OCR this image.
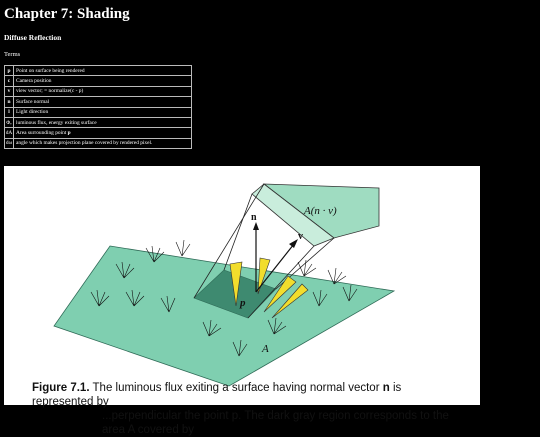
Chapter 7: Shading
Diffuse Reflection

Terms

p	Point on surface being rendered
c	Camera position
v	view vector; = normalize(c - p)
n	Surface normal
l	Light direction
Φᵥ	luminous flux, energy exiting surface
dA	Area surrounding point p
dω	angle which makes projection plane covered by rendered pixel.
n
v
p
A
A(n · v)
Figure 7.1. The luminous flux exiting a surface having normal vector n is represented by
...perpendicular the point p. The dark gray region corresponds to the area A covered by
